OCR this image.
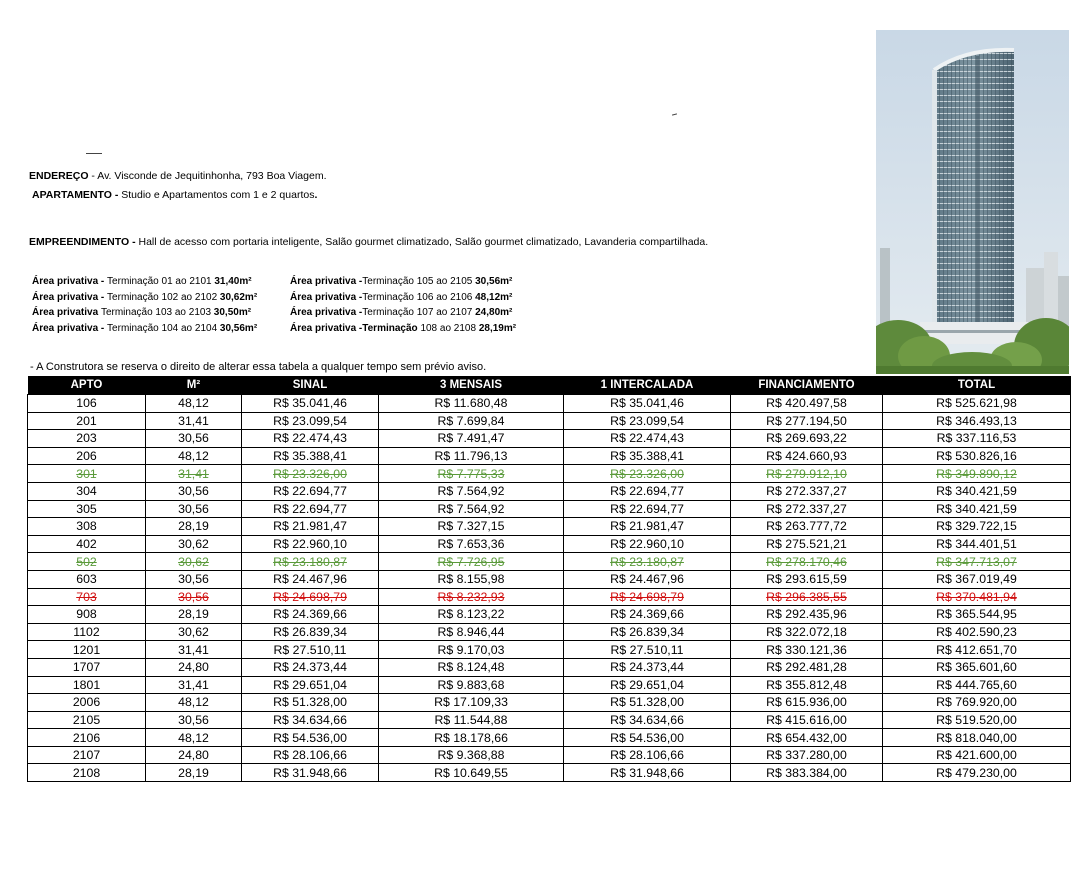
ENDEREÇO - Av. Visconde de Jequitinhonha, 793 Boa Viagem.
APARTAMENTO - Studio e Apartamentos com 1 e 2 quartos.
EMPREENDIMENTO - Hall de acesso com portaria inteligente, Salão gourmet climatizado, Salão gourmet climatizado, Lavanderia compartilhada.
Área privativa - Terminação 01 ao 2101 31,40m²	Área privativa -Terminação 105 ao 2105 30,56m²
Área privativa - Terminação 102 ao 2102 30,62m²	Área privativa -Terminação 106 ao 2106 48,12m²
Área privativa Terminação 103 ao 2103 30,50m²	Área privativa -Terminação 107 ao 2107 24,80m²
Área privativa - Terminação 104 ao 2104 30,56m²	Área privativa -Terminação 108 ao 2108 28,19m²
- A Construtora se reserva o direito de alterar essa tabela a qualquer tempo sem prévio aviso.
APTO	M²	SINAL	3 MENSAIS	1 INTERCALADA	FINANCIAMENTO	TOTAL
106	48,12	R$ 35.041,46	R$ 11.680,48	R$ 35.041,46	R$ 420.497,58	R$ 525.621,98
201	31,41	R$ 23.099,54	R$ 7.699,84	R$ 23.099,54	R$ 277.194,50	R$ 346.493,13
203	30,56	R$ 22.474,43	R$ 7.491,47	R$ 22.474,43	R$ 269.693,22	R$ 337.116,53
206	48,12	R$ 35.388,41	R$ 11.796,13	R$ 35.388,41	R$ 424.660,93	R$ 530.826,16
301	31,41	R$ 23.326,00	R$ 7.775,33	R$ 23.326,00	R$ 279.912,10	R$ 349.890,12
304	30,56	R$ 22.694,77	R$ 7.564,92	R$ 22.694,77	R$ 272.337,27	R$ 340.421,59
305	30,56	R$ 22.694,77	R$ 7.564,92	R$ 22.694,77	R$ 272.337,27	R$ 340.421,59
308	28,19	R$ 21.981,47	R$ 7.327,15	R$ 21.981,47	R$ 263.777,72	R$ 329.722,15
402	30,62	R$ 22.960,10	R$ 7.653,36	R$ 22.960,10	R$ 275.521,21	R$ 344.401,51
502	30,62	R$ 23.180,87	R$ 7.726,95	R$ 23.180,87	R$ 278.170,46	R$ 347.713,07
603	30,56	R$ 24.467,96	R$ 8.155,98	R$ 24.467,96	R$ 293.615,59	R$ 367.019,49
703	30,56	R$ 24.698,79	R$ 8.232,93	R$ 24.698,79	R$ 296.385,55	R$ 370.481,94
908	28,19	R$ 24.369,66	R$ 8.123,22	R$ 24.369,66	R$ 292.435,96	R$ 365.544,95
1102	30,62	R$ 26.839,34	R$ 8.946,44	R$ 26.839,34	R$ 322.072,18	R$ 402.590,23
1201	31,41	R$ 27.510,11	R$ 9.170,03	R$ 27.510,11	R$ 330.121,36	R$ 412.651,70
1707	24,80	R$ 24.373,44	R$ 8.124,48	R$ 24.373,44	R$ 292.481,28	R$ 365.601,60
1801	31,41	R$ 29.651,04	R$ 9.883,68	R$ 29.651,04	R$ 355.812,48	R$ 444.765,60
2006	48,12	R$ 51.328,00	R$ 17.109,33	R$ 51.328,00	R$ 615.936,00	R$ 769.920,00
2105	30,56	R$ 34.634,66	R$ 11.544,88	R$ 34.634,66	R$ 415.616,00	R$ 519.520,00
2106	48,12	R$ 54.536,00	R$ 18.178,66	R$ 54.536,00	R$ 654.432,00	R$ 818.040,00
2107	24,80	R$ 28.106,66	R$ 9.368,88	R$ 28.106,66	R$ 337.280,00	R$ 421.600,00
2108	28,19	R$ 31.948,66	R$ 10.649,55	R$ 31.948,66	R$ 383.384,00	R$ 479.230,00
